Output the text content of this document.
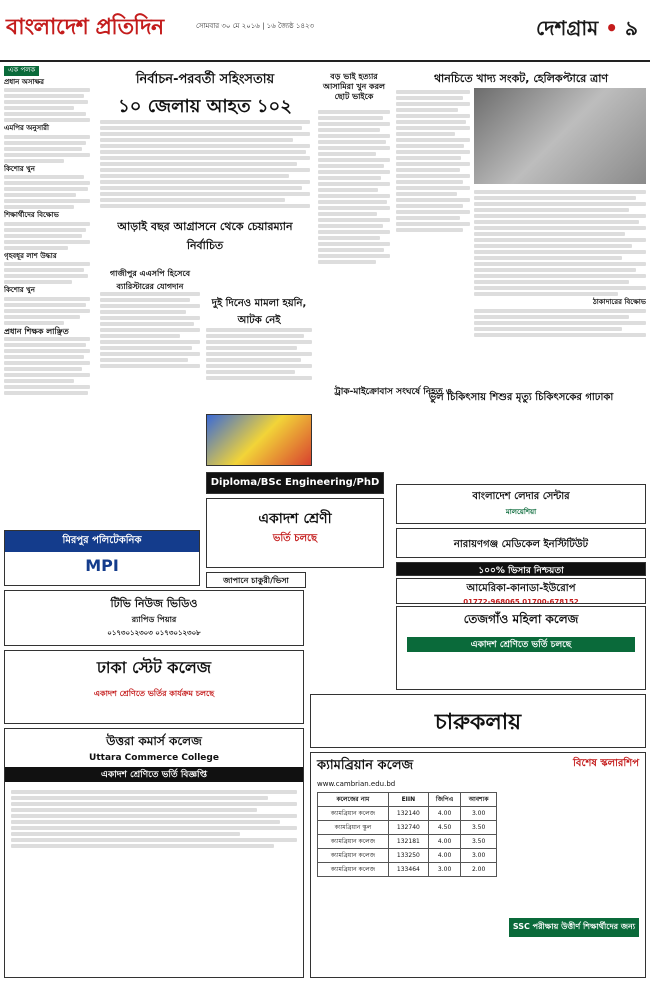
বাংলাদেশ প্রতিদিন	সোমবার ৩০ মে ২০১৬ | ১৬ জ্যৈষ্ঠ ১৪২৩	দেশগ্রাম • ৯
এক পলক
প্রধান অসাক্ষর
এমপির অনুসারী
কিশোর খুন
শিক্ষার্থীদের বিক্ষোভ
গৃহবধূর লাশ উদ্ধার
কিশোর খুন
প্রধান শিক্ষক লাঞ্ছিত
নির্বাচন-পরবর্তী সহিংসতায়
১০ জেলায় আহত ১০২
বড় ভাই হত্যার আসামিরা খুন করল ছোট ভাইকে
থানচিতে খাদ্য সংকট, হেলিকপ্টারে ত্রাণ
ঠাকাদারের বিক্ষোভ
আড়াই বছর আগ্রাসনে থেকে চেয়ারম্যান নির্বাচিত
গাজীপুর এএসপি হিসেবে ব্যারিস্টারের যোগদান
দুই দিনেও মামলা হয়নি, আটক নেই
ট্রাক-মাইক্রোবাস সংঘর্ষে নিহত ৩
ভুল চিকিৎসায় শিশুর মৃত্যু চিকিৎসকের গাঢাকা
Diploma/BSc Engineering/PhD
একাদশ শ্রেণী
ভর্তি চলছে
বাংলাদেশ লেদার সেন্টার
মালয়েশিয়া
নারায়ণগঞ্জ মেডিকেল ইনস্টিটিউট
১০০% ভিসার নিশ্চয়তা
আমেরিকা-কানাডা-ইউরোপ
01772-968065 01700-678152
তেজগাঁও মহিলা কলেজ
একাদশ শ্রেণিতে ভর্তি চলছে
চারুকলায়
মিরপুর পলিটেকনিক
MPI
টিভি নিউজ ভিডিও
র‌্যাপিড পিয়ার
০১৭৩০১২৩০৩ ০১৭৩০১২৩০৮
ঢাকা স্টেট কলেজ
একাদশ শ্রেণিতে ভর্তির কার্যক্রম চলছে
উত্তরা কমার্স কলেজ
Uttara Commerce College
একাদশ শ্রেণিতে ভর্তি বিজ্ঞপ্তি
জাপানে চাকুরী/ভিসা
ক্যামব্রিয়ান কলেজ	বিশেষ স্কলারশিপ
www.cambrian.edu.bd
কলেজের নাম	EIIN	জিপিএ	আবশ্যক
ক্যামব্রিয়ান কলেজ	132140	4.00	3.00
ক্যামব্রিয়ান স্কুল	132740	4.50	3.50
ক্যামব্রিয়ান কলেজ	132181	4.00	3.50
ক্যামব্রিয়ান কলেজ	133250	4.00	3.00
ক্যামব্রিয়ান কলেজ	133464	3.00	2.00
SSC পরীক্ষায় উত্তীর্ণ শিক্ষার্থীদের জন্য
